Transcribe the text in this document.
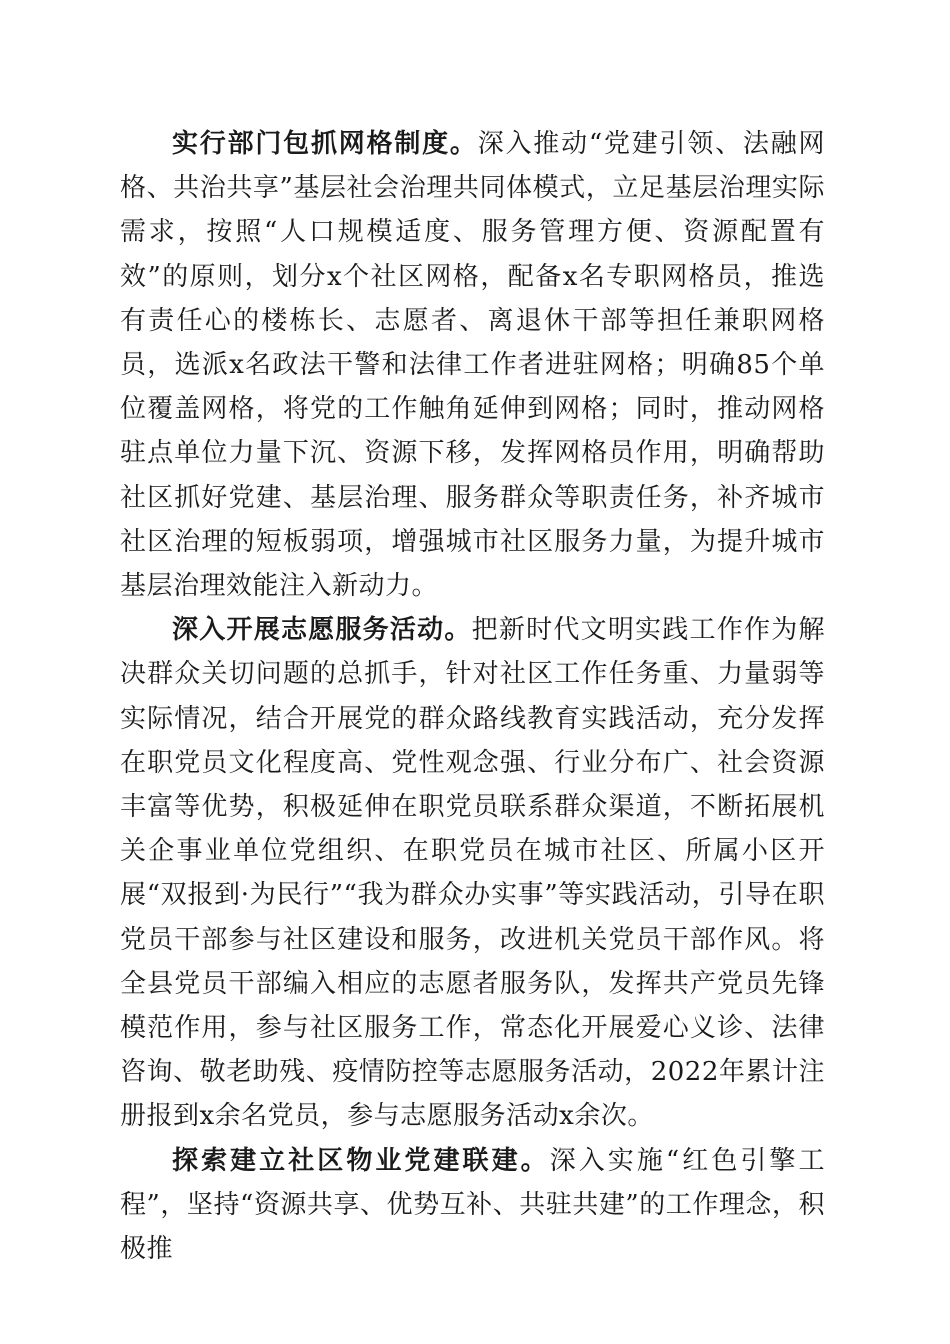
实行部门包抓网格制度。深入推动“党建引领、法融网格、共治共享”基层社会治理共同体模式，立足基层治理实际需求，按照“人口规模适度、服务管理方便、资源配置有效”的原则，划分x个社区网格，配备x名专职网格员，推选有责任心的楼栋长、志愿者、离退休干部等担任兼职网格员，选派x名政法干警和法律工作者进驻网格；明确85个单位覆盖网格，将党的工作触角延伸到网格；同时，推动网格驻点单位力量下沉、资源下移，发挥网格员作用，明确帮助社区抓好党建、基层治理、服务群众等职责任务，补齐城市社区治理的短板弱项，增强城市社区服务力量，为提升城市基层治理效能注入新动力。

深入开展志愿服务活动。把新时代文明实践工作作为解决群众关切问题的总抓手，针对社区工作任务重、力量弱等实际情况，结合开展党的群众路线教育实践活动，充分发挥在职党员文化程度高、党性观念强、行业分布广、社会资源丰富等优势，积极延伸在职党员联系群众渠道，不断拓展机关企事业单位党组织、在职党员在城市社区、所属小区开展“双报到·为民行”“我为群众办实事”等实践活动，引导在职党员干部参与社区建设和服务，改进机关党员干部作风。将全县党员干部编入相应的志愿者服务队，发挥共产党员先锋模范作用，参与社区服务工作，常态化开展爱心义诊、法律咨询、敬老助残、疫情防控等志愿服务活动，2022年累计注册报到x余名党员，参与志愿服务活动x余次。

探索建立社区物业党建联建。深入实施“红色引擎工程”，坚持“资源共享、优势互补、共驻共建”的工作理念，积极推
